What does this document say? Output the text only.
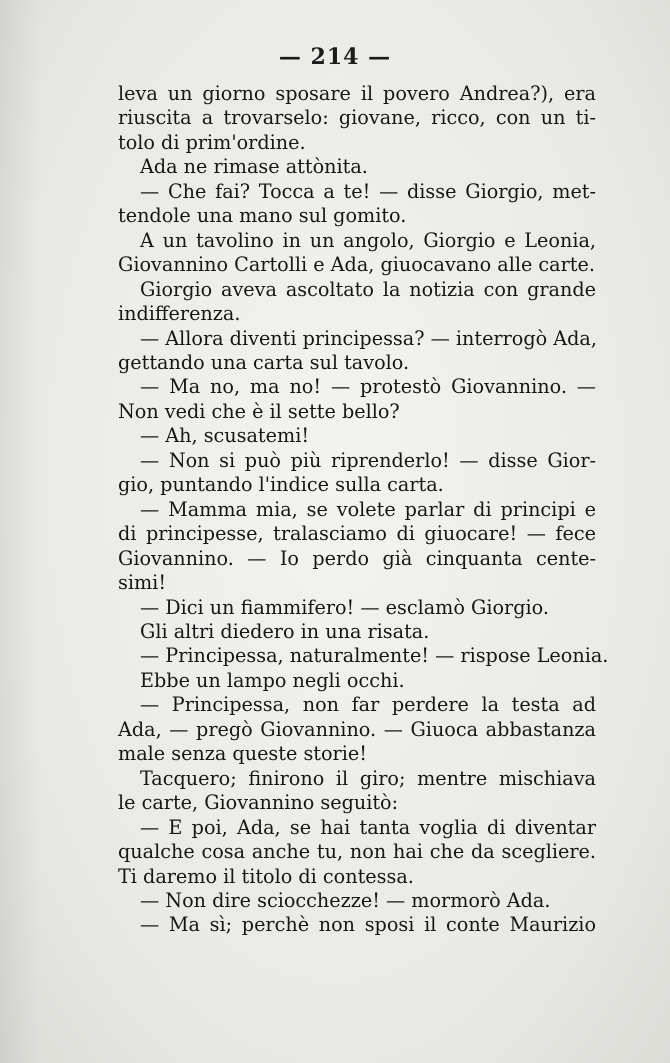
— 214 —
leva un giorno sposare il povero Andrea?), era
riuscita a trovarselo: giovane, ricco, con un ti-
tolo di prim'ordine.
Ada ne rimase attònita.
— Che fai? Tocca a te! — disse Giorgio, met-
tendole una mano sul gomito.
A un tavolino in un angolo, Giorgio e Leonia,
Giovannino Cartolli e Ada, giuocavano alle carte.
Giorgio aveva ascoltato la notizia con grande
indifferenza.
— Allora diventi principessa? — interrogò Ada,
gettando una carta sul tavolo.
— Ma no, ma no! — protestò Giovannino. —
Non vedi che è il sette bello?
— Ah, scusatemi!
— Non si può più riprenderlo! — disse Gior-
gio, puntando l'indice sulla carta.
— Mamma mia, se volete parlar di principi e
di principesse, tralasciamo di giuocare! — fece
Giovannino. — Io perdo già cinquanta cente-
simi!
— Dici un fiammifero! — esclamò Giorgio.
Gli altri diedero in una risata.
— Principessa, naturalmente! — rispose Leonia.
Ebbe un lampo negli occhi.
— Principessa, non far perdere la testa ad
Ada, — pregò Giovannino. — Giuoca abbastanza
male senza queste storie!
Tacquero; finirono il giro; mentre mischiava
le carte, Giovannino seguitò:
— E poi, Ada, se hai tanta voglia di diventar
qualche cosa anche tu, non hai che da scegliere.
Ti daremo il titolo di contessa.
— Non dire sciocchezze! — mormorò Ada.
— Ma sì; perchè non sposi il conte Maurizio
